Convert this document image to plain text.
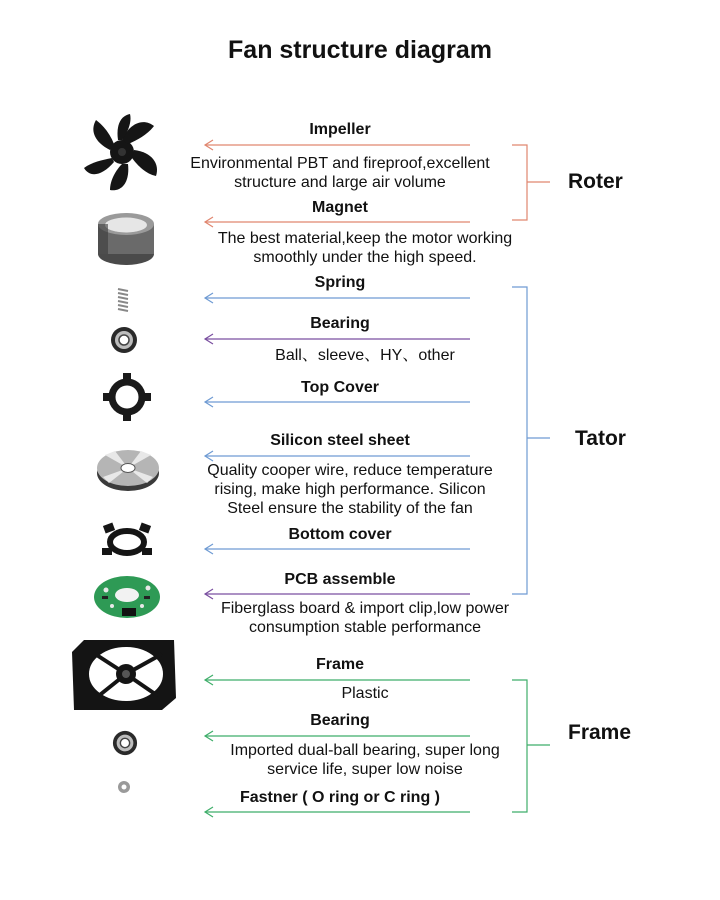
Fan structure diagram
Impeller
Environmental PBT and fireproof,excellent
structure and large air volume
Magnet
The best material,keep the motor working
smoothly under the high speed.
Spring
Bearing
Ball、sleeve、HY、other
Top Cover
Silicon steel sheet
Quality cooper wire, reduce temperature
rising, make high performance. Silicon
Steel ensure the stability of the fan
Bottom cover
PCB assemble
Fiberglass board & import clip,low power
consumption stable performance
Frame
Plastic
Bearing
Imported dual-ball bearing, super long
service life, super low noise
Fastner ( O ring or C ring )
Roter
Tator
Frame
